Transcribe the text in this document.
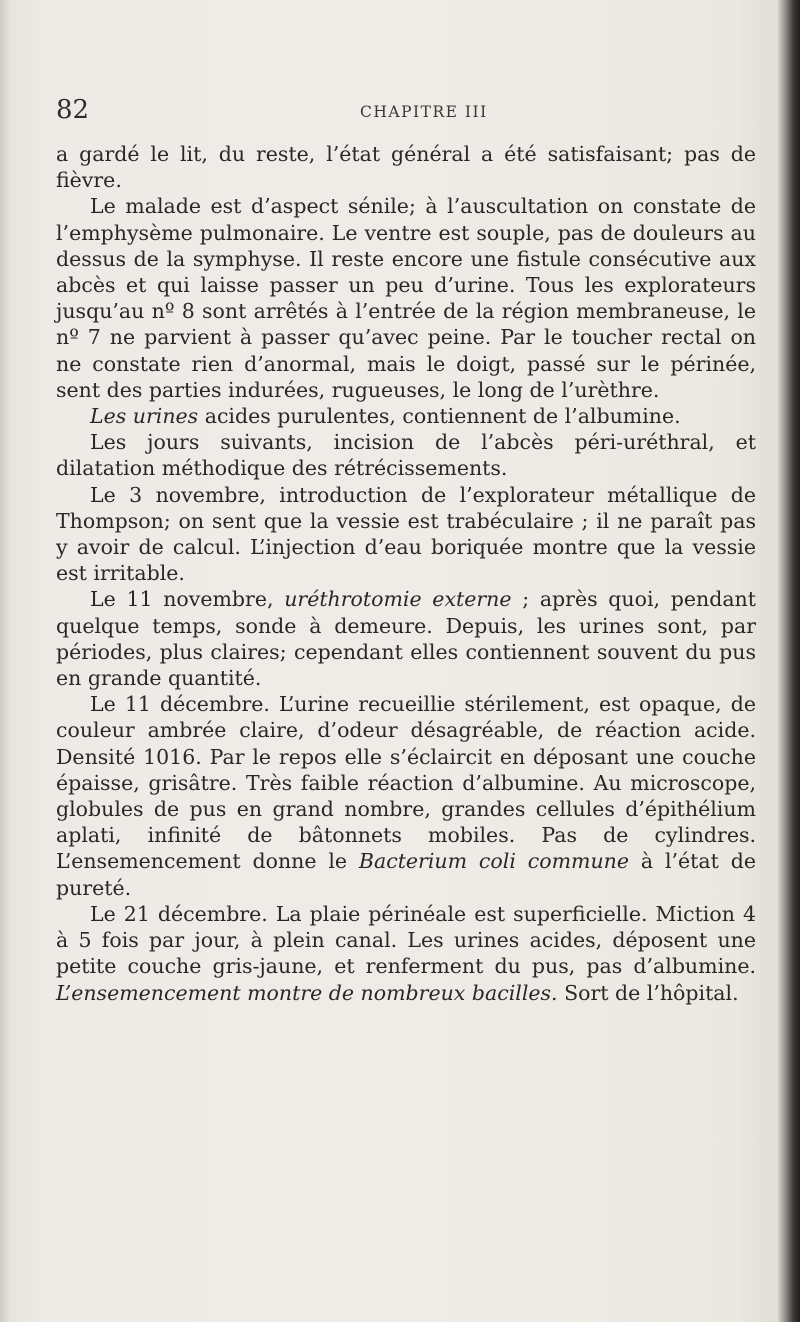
82	CHAPITRE III

a gardé le lit, du reste, l’état général a été satisfaisant; pas de fièvre.

Le malade est d’aspect sénile; à l’auscultation on constate de l’emphysème pulmonaire. Le ventre est souple, pas de douleurs au dessus de la symphyse. Il reste encore une fistule consécutive aux abcès et qui laisse passer un peu d’urine. Tous les explorateurs jusqu’au nº 8 sont arrêtés à l’entrée de la région membraneuse, le nº 7 ne parvient à passer qu’avec peine. Par le toucher rectal on ne constate rien d’anormal, mais le doigt, passé sur le périnée, sent des parties indurées, rugueuses, le long de l’urèthre.

Les urines acides purulentes, contiennent de l’albumine.

Les jours suivants, incision de l’abcès péri-uréthral, et dilatation méthodique des rétrécissements.

Le 3 novembre, introduction de l’explorateur métallique de Thompson; on sent que la vessie est trabéculaire ; il ne paraît pas y avoir de calcul. L’injection d’eau boriquée montre que la vessie est irritable.

Le 11 novembre, uréthrotomie externe ; après quoi, pendant quelque temps, sonde à demeure. Depuis, les urines sont, par périodes, plus claires; cependant elles contiennent souvent du pus en grande quantité.

Le 11 décembre. L’urine recueillie stérilement, est opaque, de couleur ambrée claire, d’odeur désagréable, de réaction acide. Densité 1016. Par le repos elle s’éclaircit en déposant une couche épaisse, grisâtre. Très faible réaction d’albumine. Au microscope, globules de pus en grand nombre, grandes cellules d’épithélium aplati, infinité de bâtonnets mobiles. Pas de cylindres. L’ensemencement donne le Bacterium coli commune à l’état de pureté.

Le 21 décembre. La plaie périnéale est superficielle. Miction 4 à 5 fois par jour, à plein canal. Les urines acides, déposent une petite couche gris-jaune, et renferment du pus, pas d’albumine. L’ensemencement montre de nombreux bacilles. Sort de l’hôpital.
